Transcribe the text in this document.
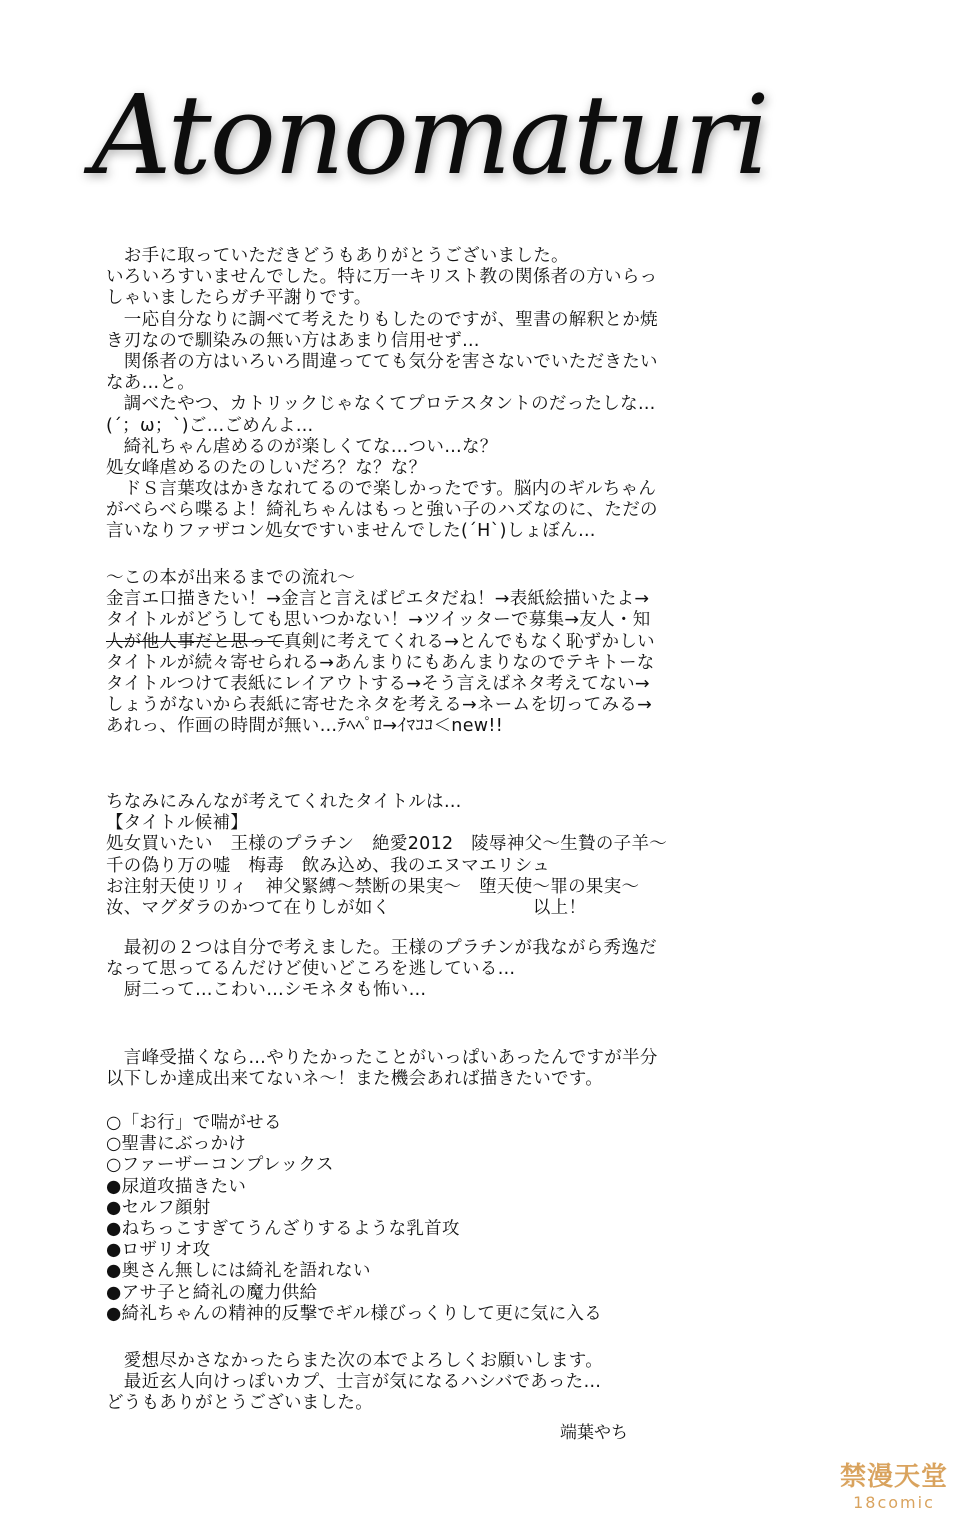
Atonomaturi
　お手に取っていただきどうもありがとうございました。
いろいろすいませんでした。特に万一キリスト教の関係者の方いらっ
しゃいましたらガチ平謝りです。
　一応自分なりに調べて考えたりもしたのですが、聖書の解釈とか焼
き刃なので馴染みの無い方はあまり信用せず…
　関係者の方はいろいろ間違ってても気分を害さないでいただきたい
なあ…と。
　調べたやつ、カトリックじゃなくてプロテスタントのだったしな…
(´；ω；`)ご…ごめんよ…
　綺礼ちゃん虐めるのが楽しくてな…つい…な？
処女峰虐めるのたのしいだろ？な？な？
　ドＳ言葉攻はかきなれてるので楽しかったです。脳内のギルちゃん
がべらべら喋るよ！綺礼ちゃんはもっと強い子のハズなのに、ただの
言いなりファザコン処女ですいませんでした(´H`)しょぼん…
～この本が出来るまでの流れ～
金言エ口描きたい！→金言と言えばピエタだね！→表紙絵描いたよ→
タイトルがどうしても思いつかない！→ツイッターで募集→友人・知
人が他人事だと思って真剣に考えてくれる→とんでもなく恥ずかしい
タイトルが続々寄せられる→あんまりにもあんまりなのでテキトーな
タイトルつけて表紙にレイアウトする→そう言えばネタ考えてない→
しょうがないから表紙に寄せたネタを考える→ネームを切ってみる→
あれっ、作画の時間が無い…ﾃﾍﾍﾟﾛ→ｲﾏｺｺ＜new!!
ちなみにみんなが考えてくれたタイトルは…
【タイトル候補】
処女買いたい　王様のプラチン　絶愛2012　陵辱神父～生贄の子羊～
千の偽り万の嘘　梅毒　飲み込め、我のエヌマエリシュ
お注射天使リリィ　神父緊縛～禁断の果実～　堕天使～罪の果実～
汝、マグダラのかつて在りしが如く　　　　　　　　以上！
　最初の２つは自分で考えました。王様のプラチンが我ながら秀逸だ
なって思ってるんだけど使いどころを逃している…
　厨二って…こわい…シモネタも怖い…
　言峰受描くなら…やりたかったことがいっぱいあったんですが半分
以下しか達成出来てないネ～！また機会あれば描きたいです。
○「お行」で喘がせる
○聖書にぶっかけ
○ファーザーコンプレックス
●尿道攻描きたい
●セルフ顔射
●ねちっこすぎてうんざりするような乳首攻
●ロザリオ攻
●奥さん無しには綺礼を語れない
●アサ子と綺礼の魔力供給
●綺礼ちゃんの精神的反撃でギル様びっくりして更に気に入る
　愛想尽かさなかったらまた次の本でよろしくお願いします。
　最近玄人向けっぽいカプ、士言が気になるハシバであった…
どうもありがとうございました。
端葉やち
禁漫天堂
18comic
